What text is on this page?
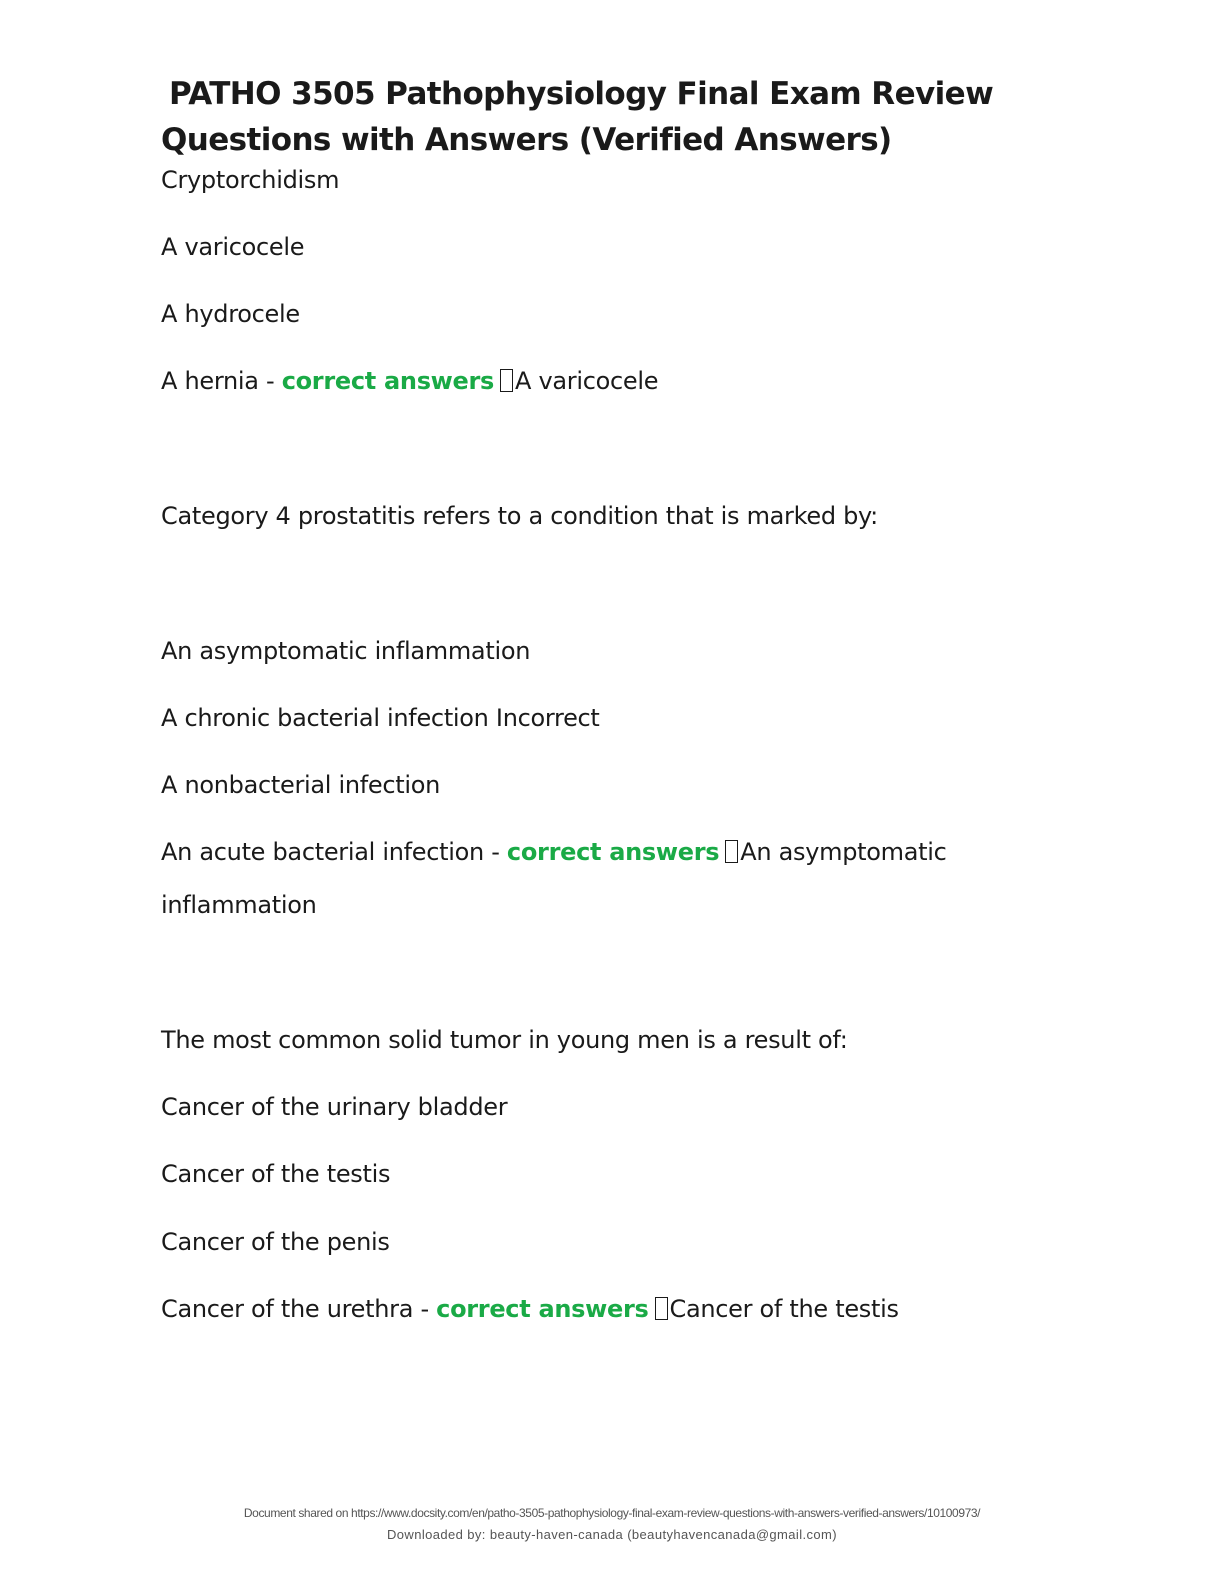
PATHO 3505 Pathophysiology Final Exam Review
Questions with Answers (Verified Answers)
Cryptorchidism
A varicocele
A hydrocele
A hernia - correct answers A varicocele
Category 4 prostatitis refers to a condition that is marked by:
An asymptomatic inflammation
A chronic bacterial infection Incorrect
A nonbacterial infection
An acute bacterial infection - correct answers An asymptomatic
inflammation
The most common solid tumor in young men is a result of:
Cancer of the urinary bladder
Cancer of the testis
Cancer of the penis
Cancer of the urethra - correct answers Cancer of the testis
Document shared on https://www.docsity.com/en/patho-3505-pathophysiology-final-exam-review-questions-with-answers-verified-answers/10100973/
Downloaded by: beauty-haven-canada (beautyhavencanada@gmail.com)
